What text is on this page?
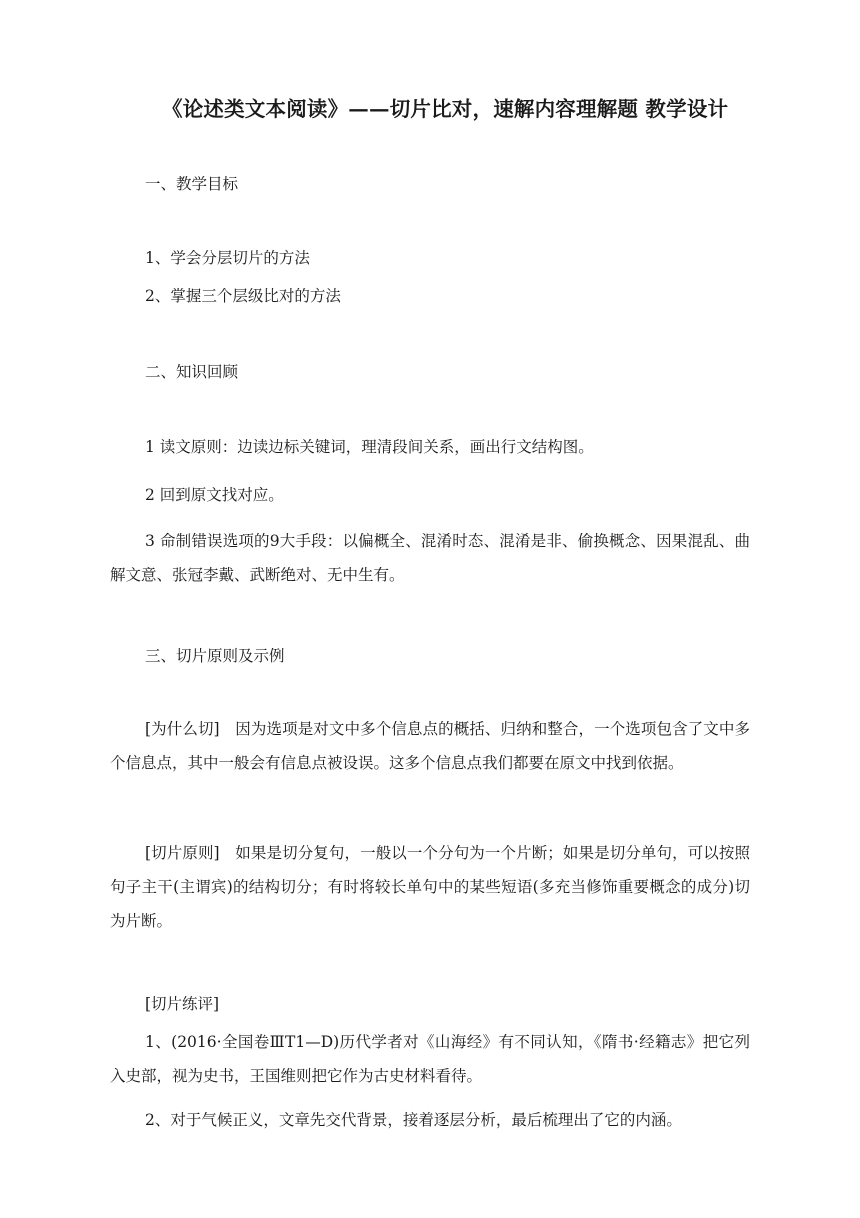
《论述类文本阅读》——切片比对，速解内容理解题 教学设计
一、教学目标
1、学会分层切片的方法
2、掌握三个层级比对的方法
二、知识回顾
1 读文原则：边读边标关键词，理清段间关系，画出行文结构图。
2 回到原文找对应。
3 命制错误选项的9大手段：以偏概全、混淆时态、混淆是非、偷换概念、因果混乱、曲解文意、张冠李戴、武断绝对、无中生有。
三、切片原则及示例
[为什么切]　因为选项是对文中多个信息点的概括、归纳和整合，一个选项包含了文中多个信息点，其中一般会有信息点被设误。这多个信息点我们都要在原文中找到依据。
[切片原则]　如果是切分复句，一般以一个分句为一个片断；如果是切分单句，可以按照句子主干(主谓宾)的结构切分；有时将较长单句中的某些短语(多充当修饰重要概念的成分)切为片断。
[切片练评]
1、(2016·全国卷ⅢT1—D)历代学者对《山海经》有不同认知，《隋书·经籍志》把它列入史部，视为史书，王国维则把它作为古史材料看待。
2、对于气候正义，文章先交代背景，接着逐层分析，最后梳理出了它的内涵。
